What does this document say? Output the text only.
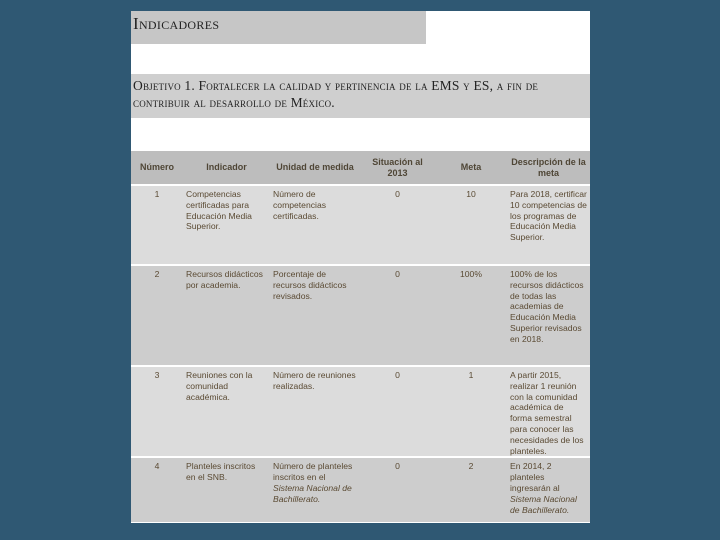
Indicadores
Objetivo 1. Fortalecer la calidad y pertinencia de la EMS y ES, a fin de contribuir al desarrollo de México.
Número	Indicador	Unidad de medida	Situación al 2013	Meta	Descripción de la meta
1	Competencias certificadas para Educación Media Superior.	Número de competencias certificadas.	0	10	Para 2018, certificar 10 competencias de los programas de Educación Media Superior.
2	Recursos didácticos por academia.	Porcentaje de recursos didácticos revisados.	0	100%	100% de los recursos didácticos de todas las academias de Educación Media Superior revisados en 2018.
3	Reuniones con la comunidad académica.	Número de reuniones realizadas.	0	1	A partir 2015, realizar 1 reunión con la comunidad académica de forma semestral para conocer las necesidades de los planteles.
4	Planteles inscritos en el SNB.	Número de planteles inscritos en el Sistema Nacional de Bachillerato.	0	2	En 2014, 2 planteles ingresarán al Sistema Nacional de Bachillerato.
